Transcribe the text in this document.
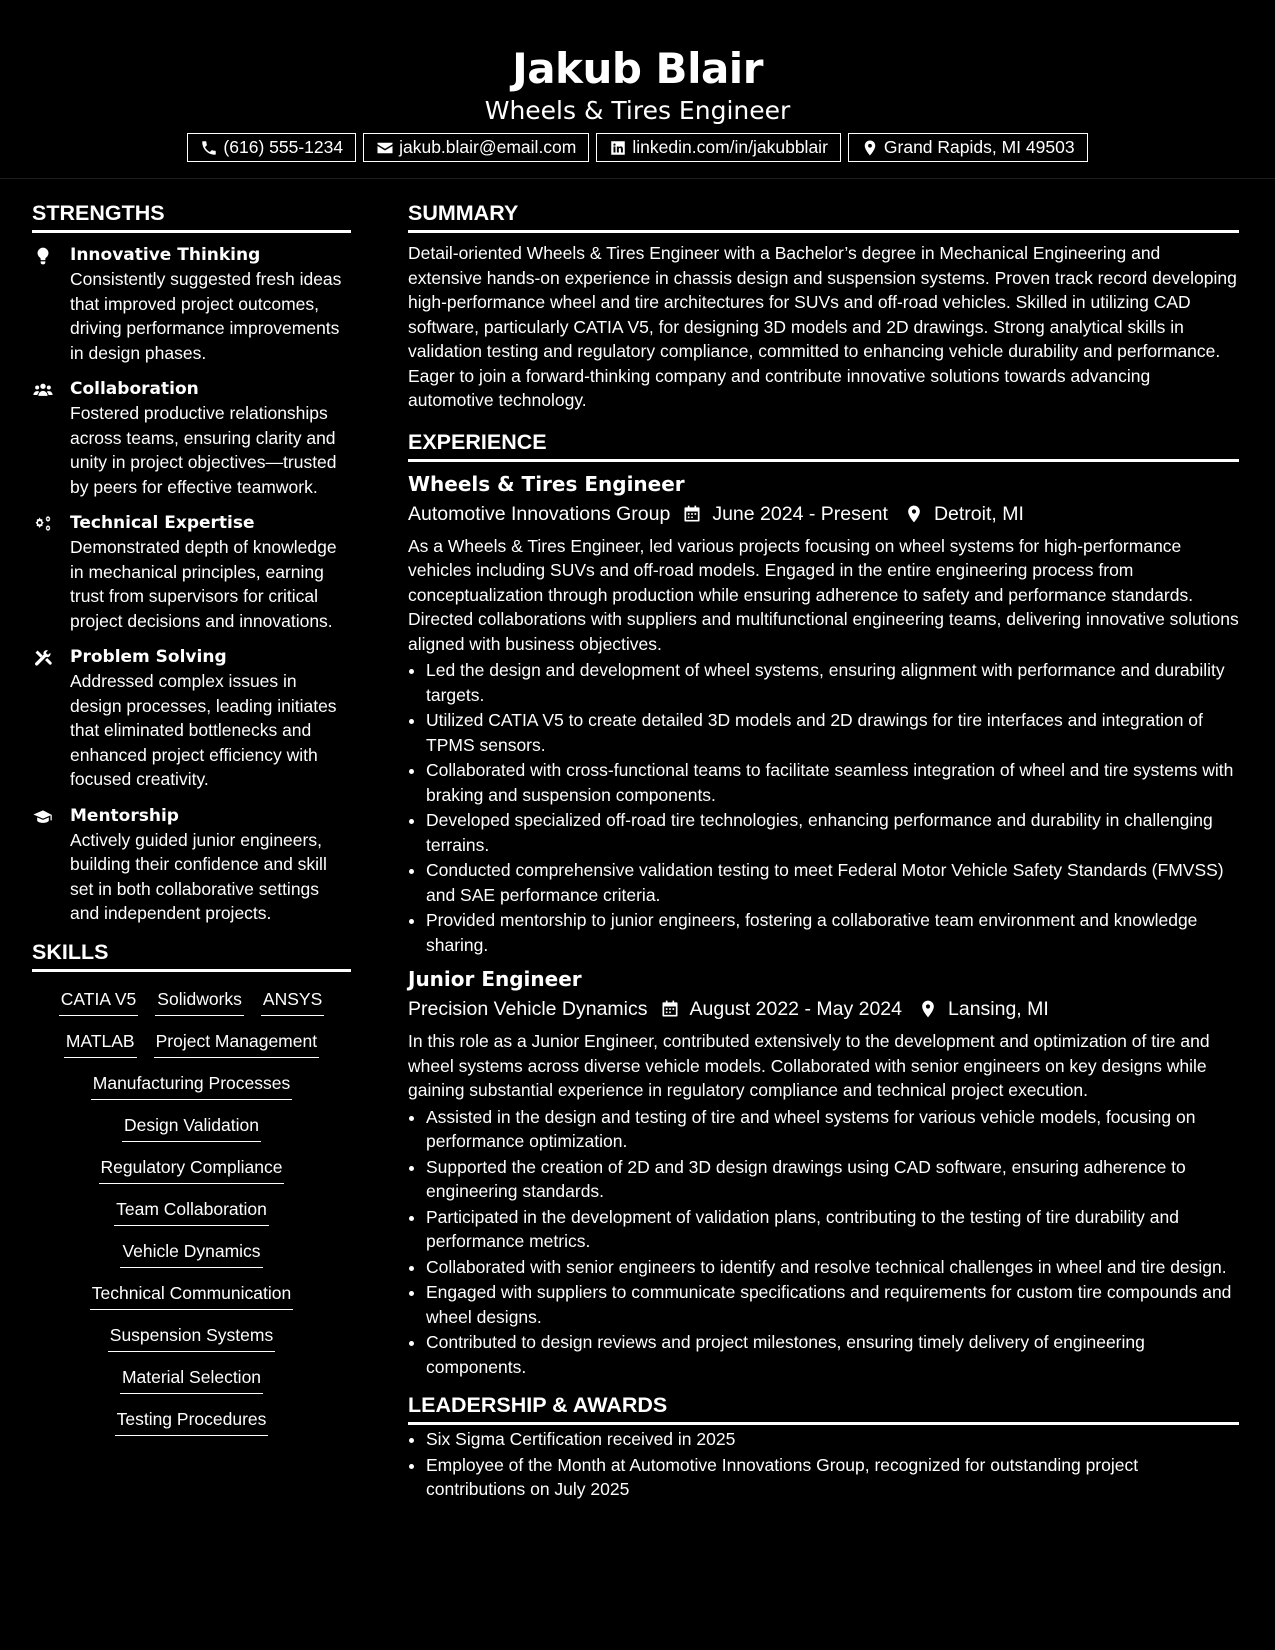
Jakub Blair
Wheels & Tires Engineer
(616) 555-1234	jakub.blair@email.com	linkedin.com/in/jakubblair	Grand Rapids, MI 49503
STRENGTHS
Innovative Thinking
Consistently suggested fresh ideas that improved project outcomes, driving performance improvements in design phases.
Collaboration
Fostered productive relationships across teams, ensuring clarity and unity in project objectives—trusted by peers for effective teamwork.
Technical Expertise
Demonstrated depth of knowledge in mechanical principles, earning trust from supervisors for critical project decisions and innovations.
Problem Solving
Addressed complex issues in design processes, leading initiates that eliminated bottlenecks and enhanced project efficiency with focused creativity.
Mentorship
Actively guided junior engineers, building their confidence and skill set in both collaborative settings and independent projects.
SKILLS
CATIA V5 Solidworks ANSYS
MATLAB Project Management
Manufacturing Processes
Design Validation
Regulatory Compliance
Team Collaboration
Vehicle Dynamics
Technical Communication
Suspension Systems
Material Selection
Testing Procedures
SUMMARY
Detail-oriented Wheels & Tires Engineer with a Bachelor’s degree in Mechanical Engineering and extensive hands-on experience in chassis design and suspension systems. Proven track record developing high-performance wheel and tire architectures for SUVs and off-road vehicles. Skilled in utilizing CAD software, particularly CATIA V5, for designing 3D models and 2D drawings. Strong analytical skills in validation testing and regulatory compliance, committed to enhancing vehicle durability and performance. Eager to join a forward-thinking company and contribute innovative solutions towards advancing automotive technology.
EXPERIENCE
Wheels & Tires Engineer
Automotive Innovations Group June 2024 - Present Detroit, MI
As a Wheels & Tires Engineer, led various projects focusing on wheel systems for high-performance vehicles including SUVs and off-road models. Engaged in the entire engineering process from conceptualization through production while ensuring adherence to safety and performance standards. Directed collaborations with suppliers and multifunctional engineering teams, delivering innovative solutions aligned with business objectives.
• Led the design and development of wheel systems, ensuring alignment with performance and durability targets.
• Utilized CATIA V5 to create detailed 3D models and 2D drawings for tire interfaces and integration of TPMS sensors.
• Collaborated with cross-functional teams to facilitate seamless integration of wheel and tire systems with braking and suspension components.
• Developed specialized off-road tire technologies, enhancing performance and durability in challenging terrains.
• Conducted comprehensive validation testing to meet Federal Motor Vehicle Safety Standards (FMVSS) and SAE performance criteria.
• Provided mentorship to junior engineers, fostering a collaborative team environment and knowledge sharing.
Junior Engineer
Precision Vehicle Dynamics August 2022 - May 2024 Lansing, MI
In this role as a Junior Engineer, contributed extensively to the development and optimization of tire and wheel systems across diverse vehicle models. Collaborated with senior engineers on key designs while gaining substantial experience in regulatory compliance and technical project execution.
• Assisted in the design and testing of tire and wheel systems for various vehicle models, focusing on performance optimization.
• Supported the creation of 2D and 3D design drawings using CAD software, ensuring adherence to engineering standards.
• Participated in the development of validation plans, contributing to the testing of tire durability and performance metrics.
• Collaborated with senior engineers to identify and resolve technical challenges in wheel and tire design.
• Engaged with suppliers to communicate specifications and requirements for custom tire compounds and wheel designs.
• Contributed to design reviews and project milestones, ensuring timely delivery of engineering components.
LEADERSHIP & AWARDS
• Six Sigma Certification received in 2025
• Employee of the Month at Automotive Innovations Group, recognized for outstanding project contributions on July 2025
